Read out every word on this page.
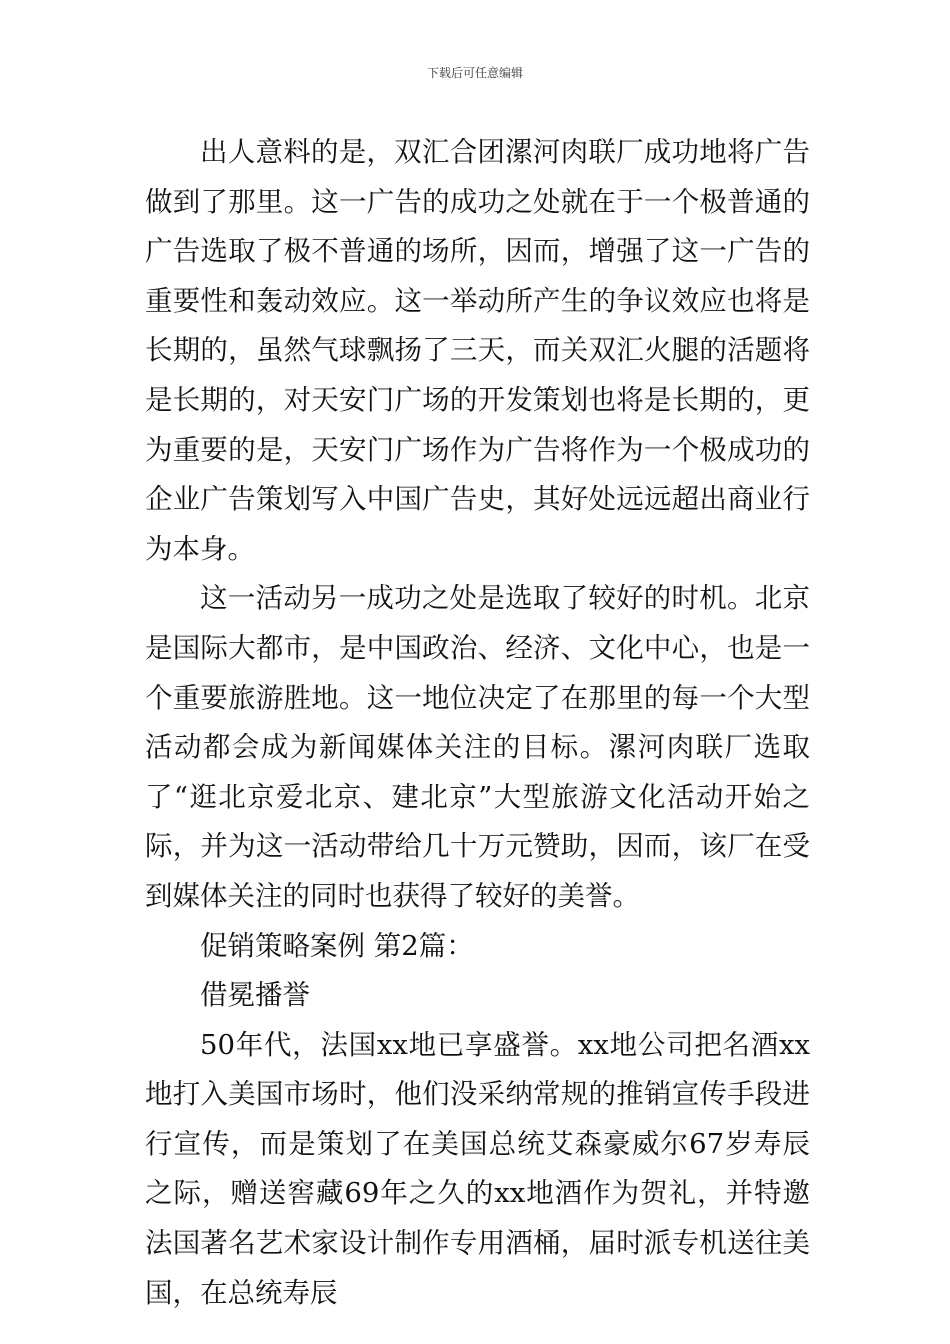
下载后可任意编辑

出人意料的是，双汇合团漯河肉联厂成功地将广告做到了那里。这一广告的成功之处就在于一个极普通的广告选取了极不普通的场所，因而，增强了这一广告的重要性和轰动效应。这一举动所产生的争议效应也将是长期的，虽然气球飘扬了三天，而关双汇火腿的活题将是长期的，对天安门广场的开发策划也将是长期的，更为重要的是，天安门广场作为广告将作为一个极成功的企业广告策划写入中国广告史，其好处远远超出商业行为本身。

这一活动另一成功之处是选取了较好的时机。北京是国际大都市，是中国政治、经济、文化中心，也是一个重要旅游胜地。这一地位决定了在那里的每一个大型活动都会成为新闻媒体关注的目标。漯河肉联厂选取了“逛北京爱北京、建北京”大型旅游文化活动开始之际，并为这一活动带给几十万元赞助，因而，该厂在受到媒体关注的同时也获得了较好的美誉。

促销策略案例 第2篇：

借冕播誉

50年代，法国xx地已享盛誉。xx地公司把名酒xx地打入美国市场时，他们没采纳常规的推销宣传手段进行宣传，而是策划了在美国总统艾森豪威尔67岁寿辰之际，赠送窖藏69年之久的xx地酒作为贺礼，并特邀法国著名艺术家设计制作专用酒桶，届时派专机送往美国，在总统寿辰
